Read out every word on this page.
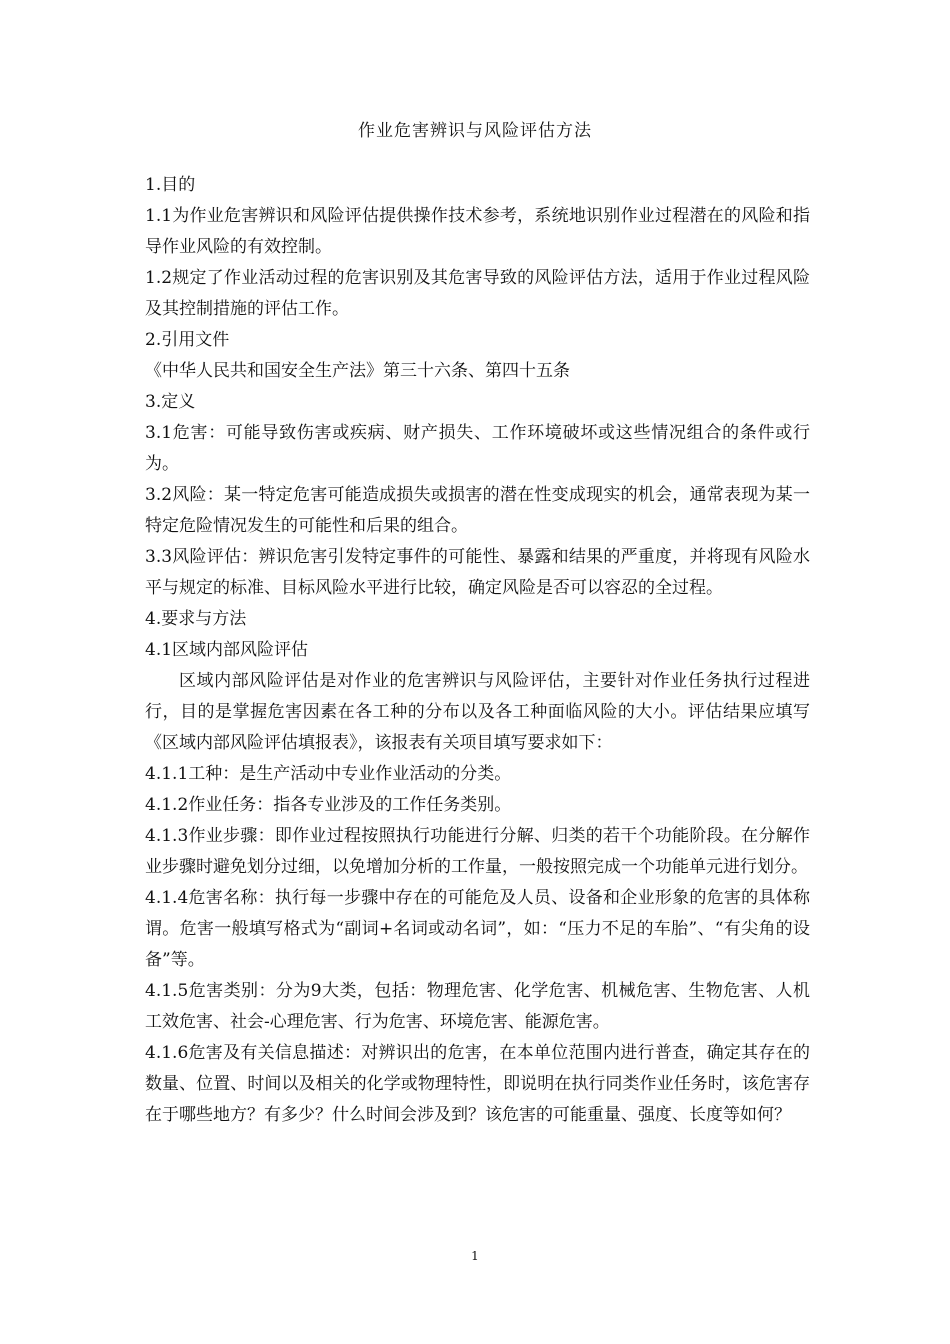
作业危害辨识与风险评估方法

1.目的

1.1为作业危害辨识和风险评估提供操作技术参考，系统地识别作业过程潜在的风险和指导作业风险的有效控制。

1.2规定了作业活动过程的危害识别及其危害导致的风险评估方法，适用于作业过程风险及其控制措施的评估工作。

2.引用文件

《中华人民共和国安全生产法》第三十六条、第四十五条

3.定义

3.1危害：可能导致伤害或疾病、财产损失、工作环境破坏或这些情况组合的条件或行为。

3.2风险：某一特定危害可能造成损失或损害的潜在性变成现实的机会，通常表现为某一特定危险情况发生的可能性和后果的组合。

3.3风险评估：辨识危害引发特定事件的可能性、暴露和结果的严重度，并将现有风险水平与规定的标准、目标风险水平进行比较，确定风险是否可以容忍的全过程。

4.要求与方法

4.1区域内部风险评估

区域内部风险评估是对作业的危害辨识与风险评估，主要针对作业任务执行过程进行，目的是掌握危害因素在各工种的分布以及各工种面临风险的大小。评估结果应填写《区域内部风险评估填报表》，该报表有关项目填写要求如下：

4.1.1工种：是生产活动中专业作业活动的分类。

4.1.2作业任务：指各专业涉及的工作任务类别。

4.1.3作业步骤：即作业过程按照执行功能进行分解、归类的若干个功能阶段。在分解作业步骤时避免划分过细，以免增加分析的工作量，一般按照完成一个功能单元进行划分。

4.1.4危害名称：执行每一步骤中存在的可能危及人员、设备和企业形象的危害的具体称谓。危害一般填写格式为“副词+名词或动名词”，如：“压力不足的车胎”、“有尖角的设备”等。

4.1.5危害类别：分为9大类，包括：物理危害、化学危害、机械危害、生物危害、人机工效危害、社会-心理危害、行为危害、环境危害、能源危害。

4.1.6危害及有关信息描述：对辨识出的危害，在本单位范围内进行普查，确定其存在的数量、位置、时间以及相关的化学或物理特性，即说明在执行同类作业任务时，该危害存在于哪些地方？有多少？什么时间会涉及到？该危害的可能重量、强度、长度等如何？

1
